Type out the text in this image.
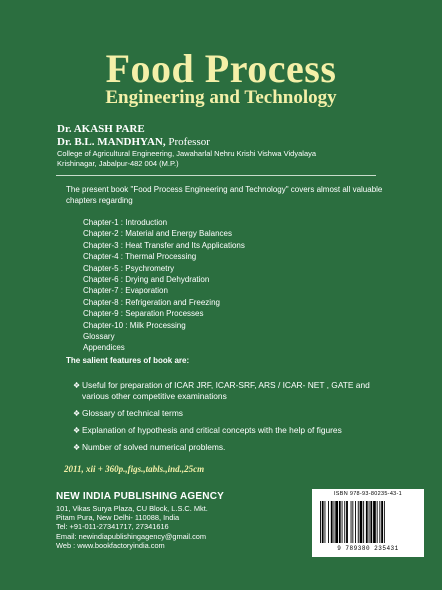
Food Process
Engineering and Technology
Dr. AKASH PARE
Dr. B.L. MANDHYAN, Professor
College of Agricultural Engineering, Jawaharlal Nehru Krishi Vishwa Vidyalaya
Krishinagar, Jabalpur-482 004 (M.P.)
The present book "Food Process Engineering and Technology" covers almost all valuable chapters regarding
Chapter-1 : Introduction
Chapter-2 : Material and Energy Balances
Chapter-3 : Heat Transfer and Its Applications
Chapter-4 : Thermal Processing
Chapter-5 : Psychrometry
Chapter-6 : Drying and Dehydration
Chapter-7 : Evaporation
Chapter-8 : Refrigeration and Freezing
Chapter-9 : Separation Processes
Chapter-10 : Milk Processing
Glossary
Appendices
The salient features of book are:
❖ Useful for preparation of ICAR JRF, ICAR-SRF, ARS / ICAR- NET , GATE and various other competitive examinations
❖ Glossary of technical terms
❖ Explanation of hypothesis and critical concepts with the help of figures
❖ Number of solved numerical problems.
2011, xii + 360p.,figs.,tabls.,ind.,25cm
NEW INDIA PUBLISHING AGENCY
101, Vikas Surya Plaza, CU Block, L.S.C. Mkt.
Pitam Pura, New Delhi- 110088, India
Tel: +91-011-27341717, 27341616
Email: newindiapublishingagency@gmail.com
Web : www.bookfactoryindia.com
ISBN 978-93-80235-43-1
9 789380 235431
